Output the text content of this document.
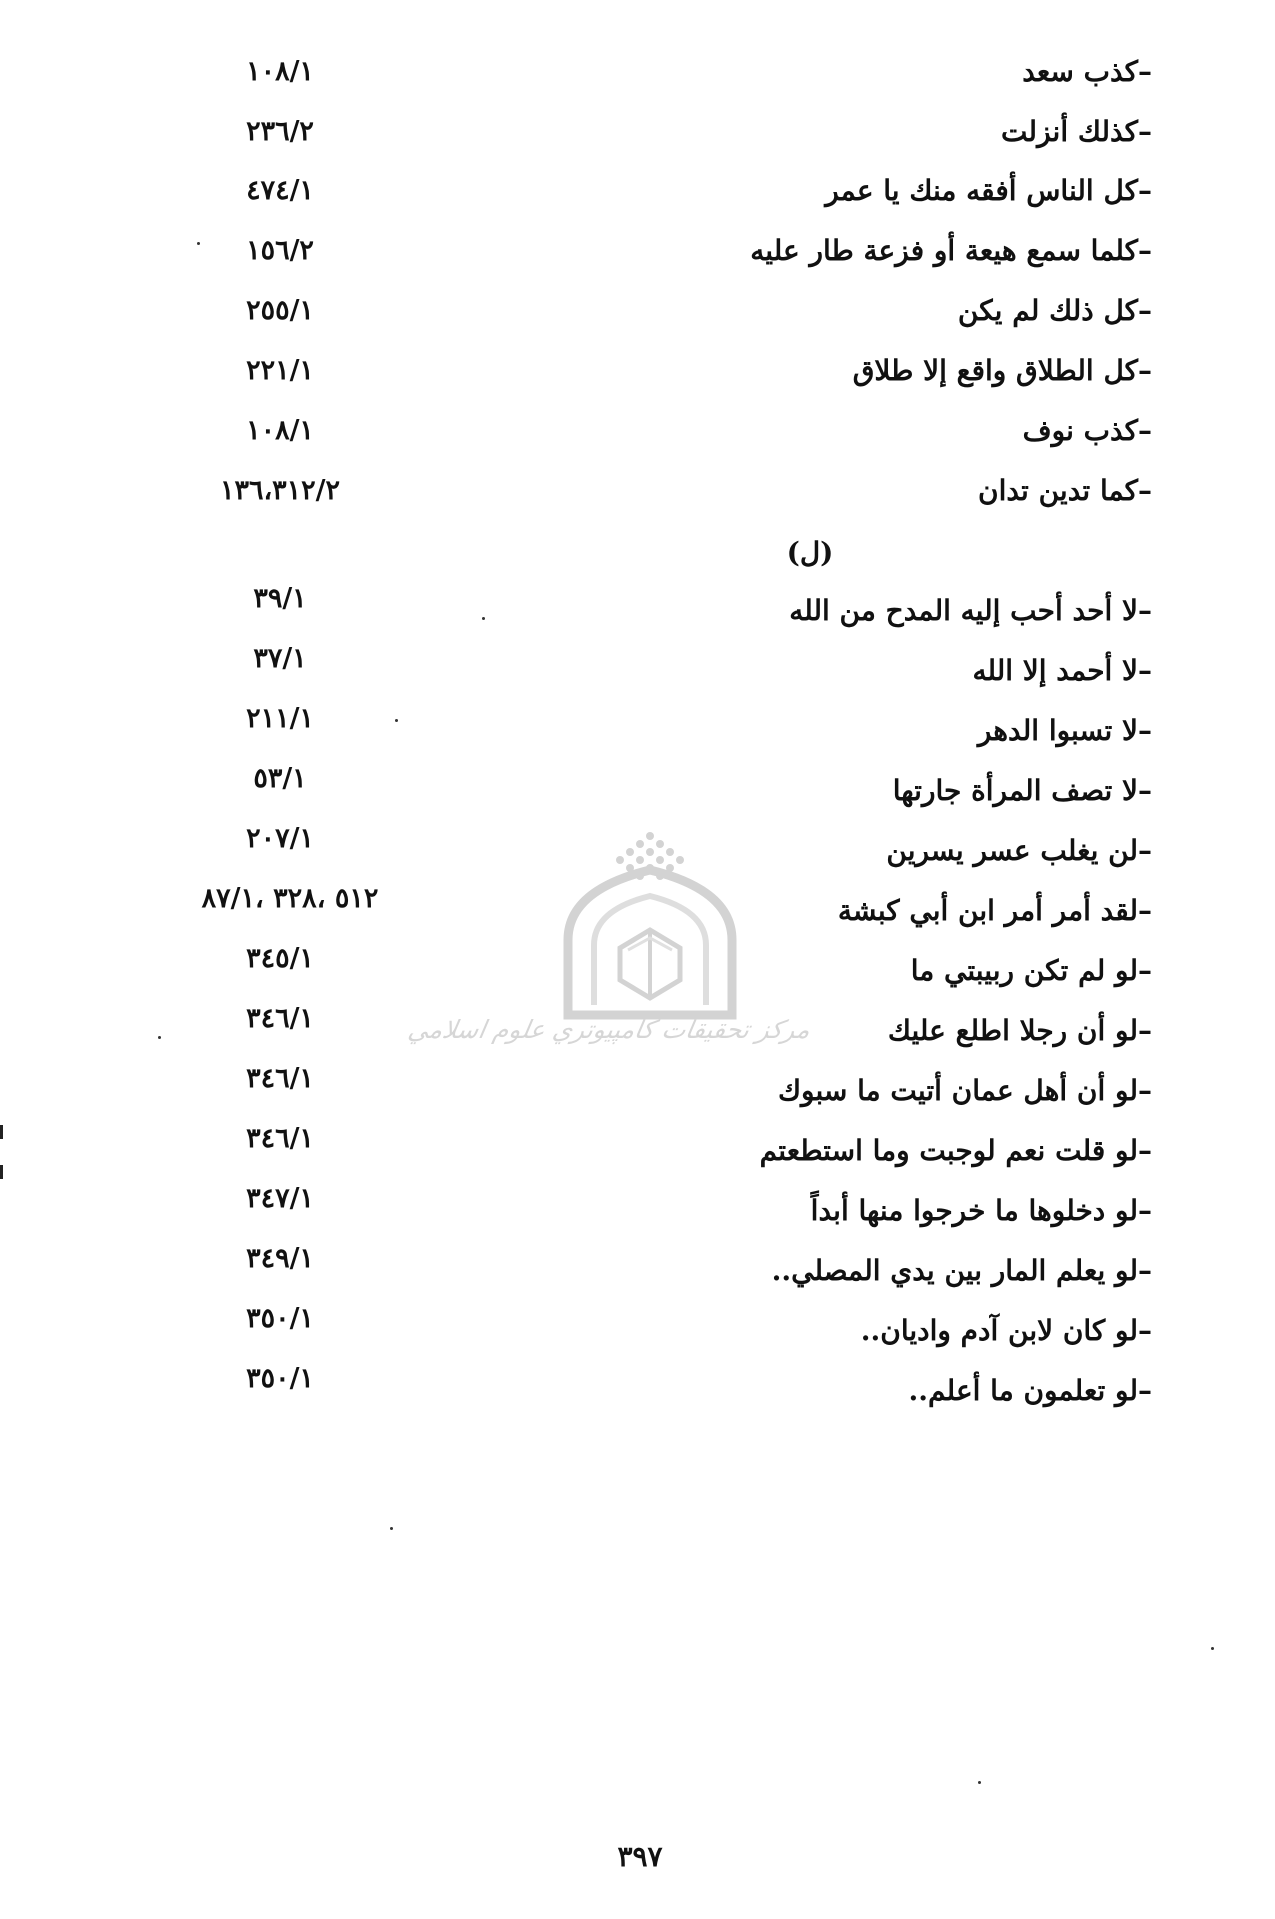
–كذب سعد
١٠٨/١
–كذلك أنزلت
٢٣٦/٢
–كل الناس أفقه منك يا عمر
٤٧٤/١
–كلما سمع هيعة أو فزعة طار عليه
١٥٦/٢
–كل ذلك لم يكن
٢٥٥/١
–كل الطلاق واقع إلا طلاق
٢٢١/١
–كذب نوف
١٠٨/١
–كما تدين تدان
١٣٦،٣١٢/٢
(ل)
–لا أحد أحب إليه المدح من الله
٣٩/١
–لا أحمد إلا الله
٣٧/١
–لا تسبوا الدهر
٢١١/١
–لا تصف المرأة جارتها
٥٣/١
–لن يغلب عسر يسرين
٢٠٧/١
–لقد أمر أمر ابن أبي كبشة
٥١٢ ،٣٢٨ ،٨٧/١
–لو لم تكن ربيبتي ما
٣٤٥/١
–لو أن رجلا اطلع عليك
٣٤٦/١
–لو أن أهل عمان أتيت ما سبوك
٣٤٦/١
–لو قلت نعم لوجبت وما استطعتم
٣٤٦/١
–لو دخلوها ما خرجوا منها أبداً
٣٤٧/١
–لو يعلم المار بين يدي المصلي..
٣٤٩/١
–لو كان لابن آدم واديان..
٣٥٠/١
–لو تعلمون ما أعلم..
٣٥٠/١
مركز تحقيقات كامپيوتري علوم اسلامي
٣٩٧
